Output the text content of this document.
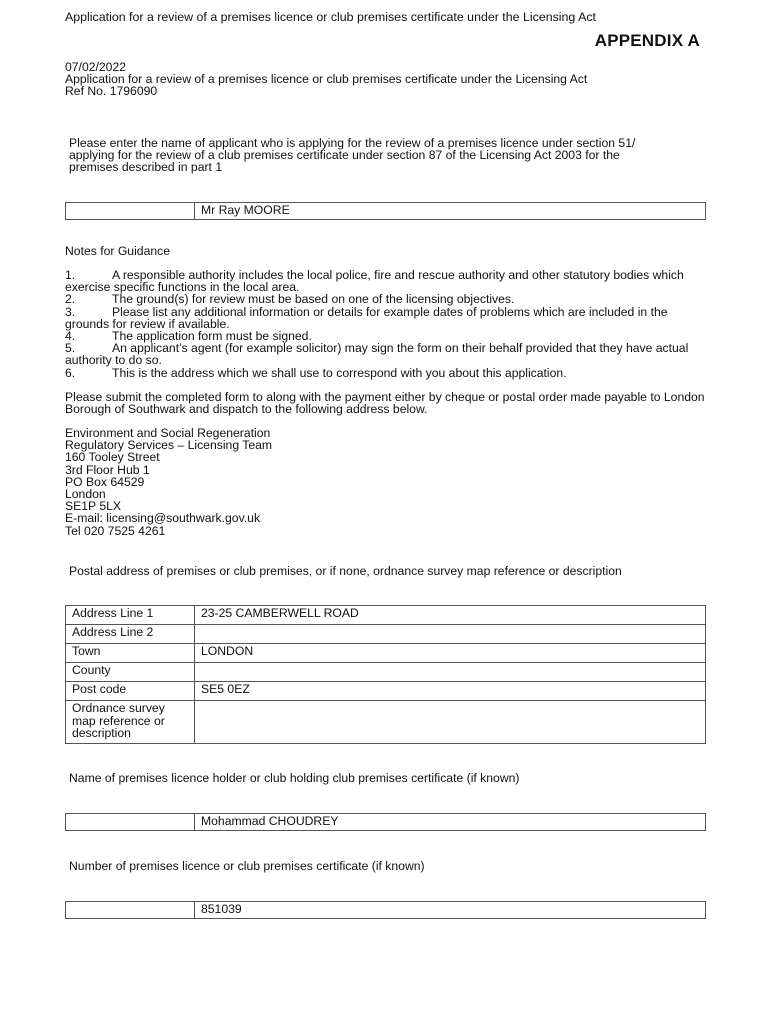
Application for a review of a premises licence or club premises certificate under the Licensing Act
APPENDIX A
07/02/2022
Application for a review of a premises licence or club premises certificate under the Licensing Act
Ref No. 1796090
Please enter the name of applicant who is applying for the review of a premises licence under section 51/
applying for the review of a club premises certificate under section 87 of the Licensing Act 2003 for the
premises described in part 1
	Mr Ray MOORE
Notes for Guidance
1.	A responsible authority includes the local police, fire and rescue authority and other statutory bodies which exercise specific functions in the local area.
2.	The ground(s) for review must be based on one of the licensing objectives.
3.	Please list any additional information or details for example dates of problems which are included in the grounds for review if available.
4.	The application form must be signed.
5.	An applicant’s agent (for example solicitor) may sign the form on their behalf provided that they have actual authority to do so.
6.	This is the address which we shall use to correspond with you about this application.
Please submit the completed form to along with the payment either by cheque or postal order made payable to London Borough of Southwark and dispatch to the following address below.
Environment and Social Regeneration
Regulatory Services – Licensing Team
160 Tooley Street
3rd Floor Hub 1
PO Box 64529
London
SE1P 5LX
E-mail: licensing@southwark.gov.uk
Tel 020 7525 4261
Postal address of premises or club premises, or if none, ordnance survey map reference or description
Address Line 1	23-25 CAMBERWELL ROAD
Address Line 2	
Town	LONDON
County	
Post code	SE5 0EZ
Ordnance survey
map reference or
description	
Name of premises licence holder or club holding club premises certificate (if known)
	Mohammad CHOUDREY
Number of premises licence or club premises certificate (if known)
	851039
